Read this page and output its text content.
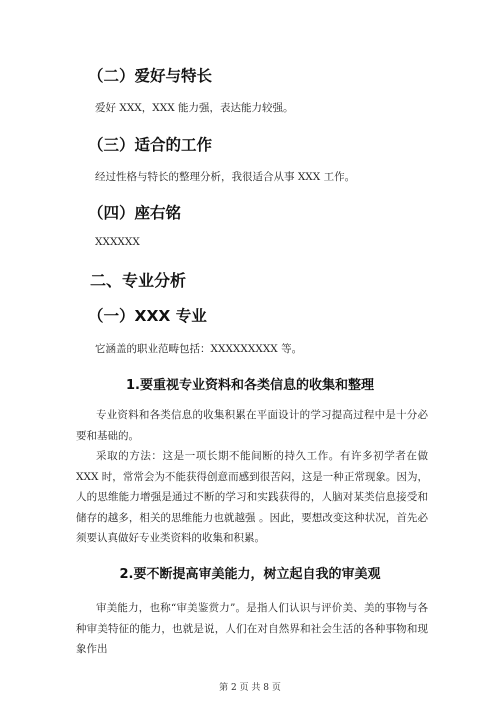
（二）爱好与特长
爱好 XXX，XXX 能力强，表达能力较强。
（三）适合的工作
经过性格与特长的整理分析，我很适合从事 XXX 工作。
（四）座右铭
XXXXXX
二、专业分析
（一）XXX 专业
它涵盖的职业范畴包括：XXXXXXXXX 等。
1.要重视专业资料和各类信息的收集和整理

专业资料和各类信息的收集积累在平面设计的学习提高过程中是十分必要和基础的。

采取的方法：这是一项长期不能间断的持久工作。有许多初学者在做 XXX 时，常常会为不能获得创意而感到很苦闷，这是一种正常现象。因为，人的思维能力增强是通过不断的学习和实践获得的，人脑对某类信息接受和储存的越多，相关的思维能力也就越强 。因此，要想改变这种状况，首先必须要认真做好专业类资料的收集和积累。

2.要不断提高审美能力，树立起自我的审美观

审美能力，也称“审美鉴赏力”。是指人们认识与评价美、美的事物与各种审美特征的能力，也就是说，人们在对自然界和社会生活的各种事物和现象作出

第 2 页 共 8 页
